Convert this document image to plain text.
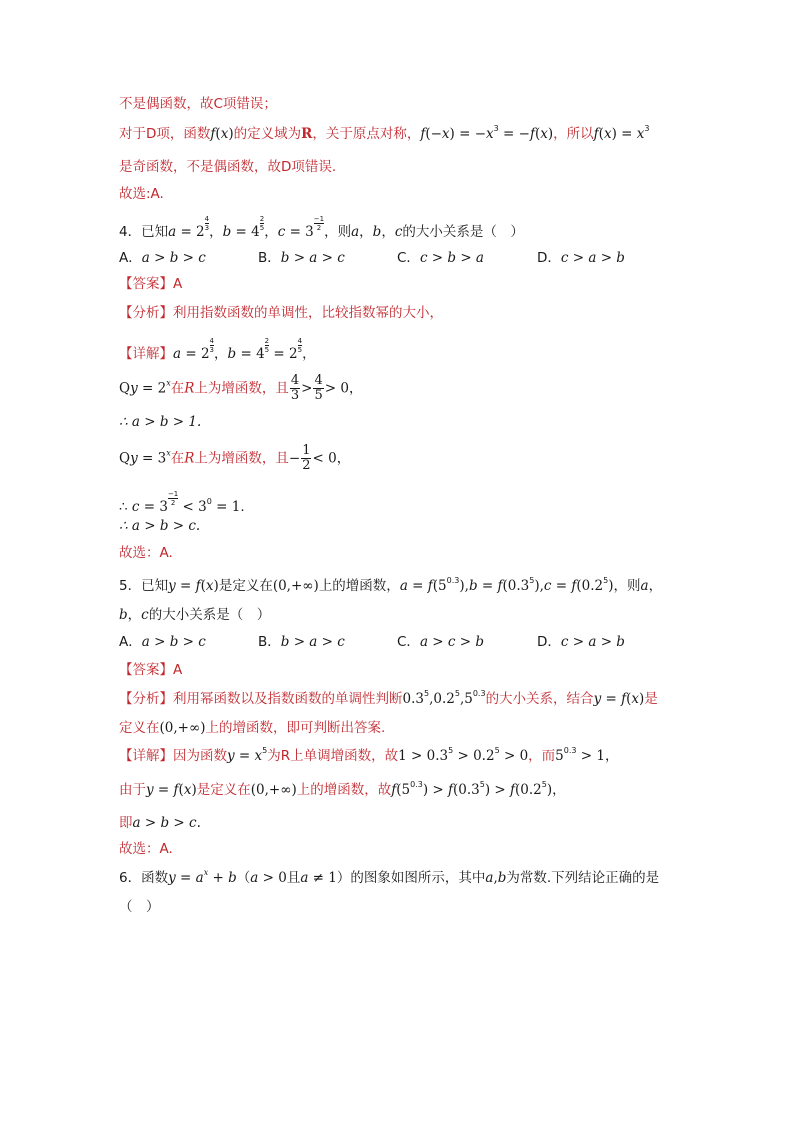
不是偶函数，故C项错误；
对于D项，函数f(x)的定义域为R，关于原点对称，$f(-x) = -x^3 = -f(x)$，所以$f(x) = x^3$
是奇函数，不是偶函数，故D项错误.
故选:A.
4．已知$a = 2 \frac{4}{3}$ ，$b = 4 \frac{2}{5}$ ，$c = 3 \frac{-1}{2}$ ，则a，b，c的大小关系是（　）
A．a > b > c	B．b > a > c	C．c > b > a	D．c > a > b
【答案】A
【分析】利用指数函数的单调性，比较指数幂的大小，
【详解】$a = 2 \frac{4}{3}$ ，$b = 4 \frac{2}{5} = 2 \frac{4}{5}$ ，
$Qy = 2^x$在R上为增函数，且 $\frac{4}{3} > \frac{4}{5} > 0$，
∴ a > b > 1.
$Qy = 3^x$在R上为增函数，且− $\frac{1}{2} < 0$，
∴ $c = 3 \frac{-1}{2} < 3^0 = 1$.
∴ a > b > c.
故选：A.
5．已知y = f(x)是定义在(0,+∞)上的增函数，$a = f(5^{0.3}),b = f(0.3^5),c = f(0.2^5)$，则a，
b，c的大小关系是（　）
A．a > b > c	B．b > a > c	C．a > c > b	D．c > a > b
【答案】A
【分析】利用幂函数以及指数函数的单调性判断$0.3^5,0.2^5,5^{0.3}$的大小关系，结合y = f(x)是
定义在(0,+∞)上的增函数，即可判断出答案.
【详解】因为函数$y = x^5$为R上单调增函数，故$1 > 0.3^5 > 0.2^5 > 0$，而$5^{0.3} > 1$，
由于y = f(x)是定义在(0,+∞)上的增函数，故$f(5^{0.3}) > f(0.3^5) > f(0.2^5)$，
即a > b > c.
故选：A.
6．函数$y = a^x + b(a > 0$且a ≠ 1）的图象如图所示，其中a,b为常数.下列结论正确的是
（　）
